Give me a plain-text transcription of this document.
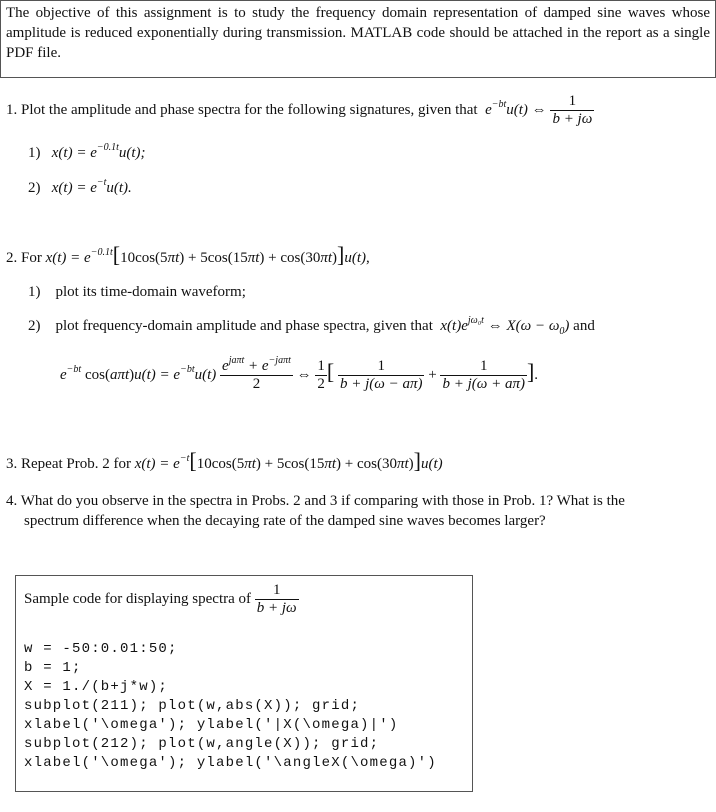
The objective of this assignment is to study the frequency domain representation of damped sine waves whose amplitude is reduced exponentially during transmission. MATLAB code should be attached in the report as a single PDF file.
1. Plot the amplitude and phase spectra for the following signatures, given that  $e^{-bt}u(t)$ ⇔ $\frac{1}{b + j\omega}$
1) $x(t) = e^{-0.1t}u(t)$;
2) $x(t) = e^{-t}u(t)$.
2. For $x(t) = e^{-0.1t}[10\cos(5\pi t) + 5\cos(15\pi t) + \cos(30\pi t)]u(t)$,
1) plot its time-domain waveform;
2) plot frequency-domain amplitude and phase spectra, given that  $x(t)e^{j\omega_0t}$ ⇔ $X(\omega - \omega_0)$ and
$e^{-bt}$ $\cos(a\pi t)u(t) = e^{-bt}u(t) \frac{e^{ja\pi t} + e^{-ja\pi t}}{2}$ ⇔ $\frac{1}{2}$ [ $\frac{1}{b + j(\omega - a\pi)} + \frac{1}{b + j(\omega + a\pi)}$ ].
3. Repeat Prob. 2 for $x(t) = e^{-t}[10\cos(5\pi t) + 5\cos(15\pi t) + \cos(30\pi t)]u(t)$
4. What do you observe in the spectra in Probs. 2 and 3 if comparing with those in Prob. 1? What is the
spectrum difference when the decaying rate of the damped sine waves becomes larger?
Sample code for displaying spectra of $\frac{1}{b + j\omega}$
w = -50:0.01:50;
b = 1;
X = 1./(b+j*w);
subplot(211); plot(w,abs(X)); grid;
xlabel('\omega'); ylabel('|X(\omega)|')
subplot(212); plot(w,angle(X)); grid;
xlabel('\omega'); ylabel('\angleX(\omega)')
